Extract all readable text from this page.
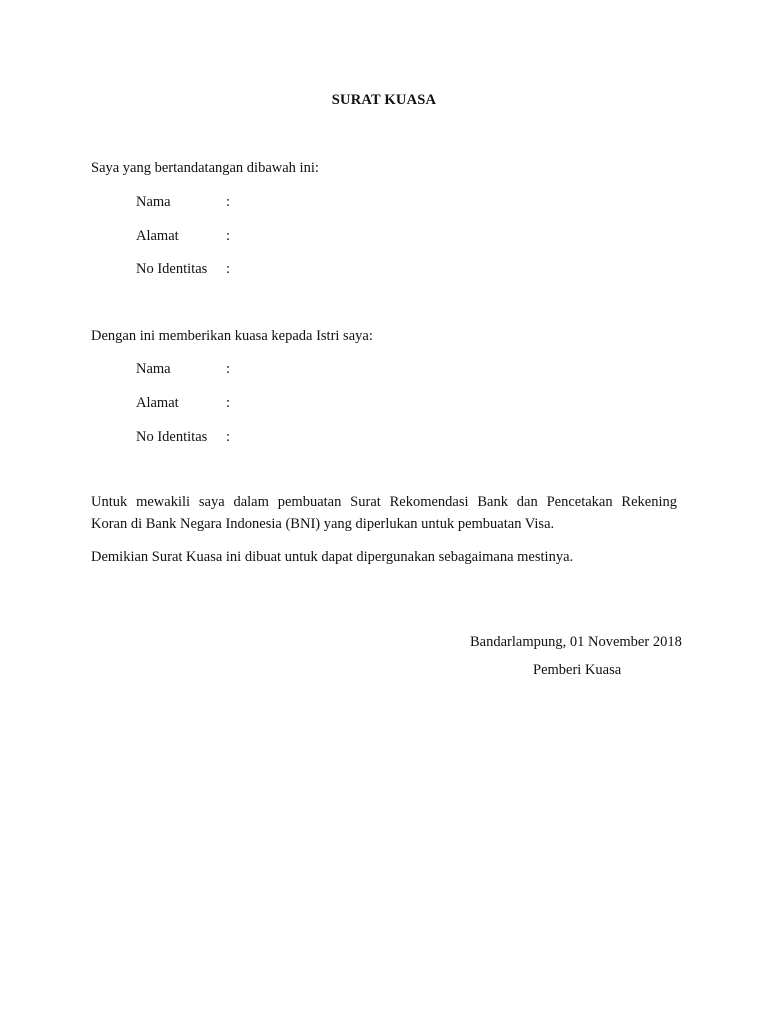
SURAT KUASA
Saya yang bertandatangan dibawah ini:
Nama	:
Alamat	:
No Identitas :
Dengan ini memberikan kuasa kepada Istri saya:
Nama	:
Alamat	:
No Identitas :
Untuk mewakili saya dalam pembuatan Surat Rekomendasi Bank dan Pencetakan Rekening
Koran di Bank Negara Indonesia (BNI) yang diperlukan untuk pembuatan Visa.
Demikian Surat Kuasa ini dibuat untuk dapat dipergunakan sebagaimana mestinya.
Bandarlampung, 01 November 2018
Pemberi Kuasa
